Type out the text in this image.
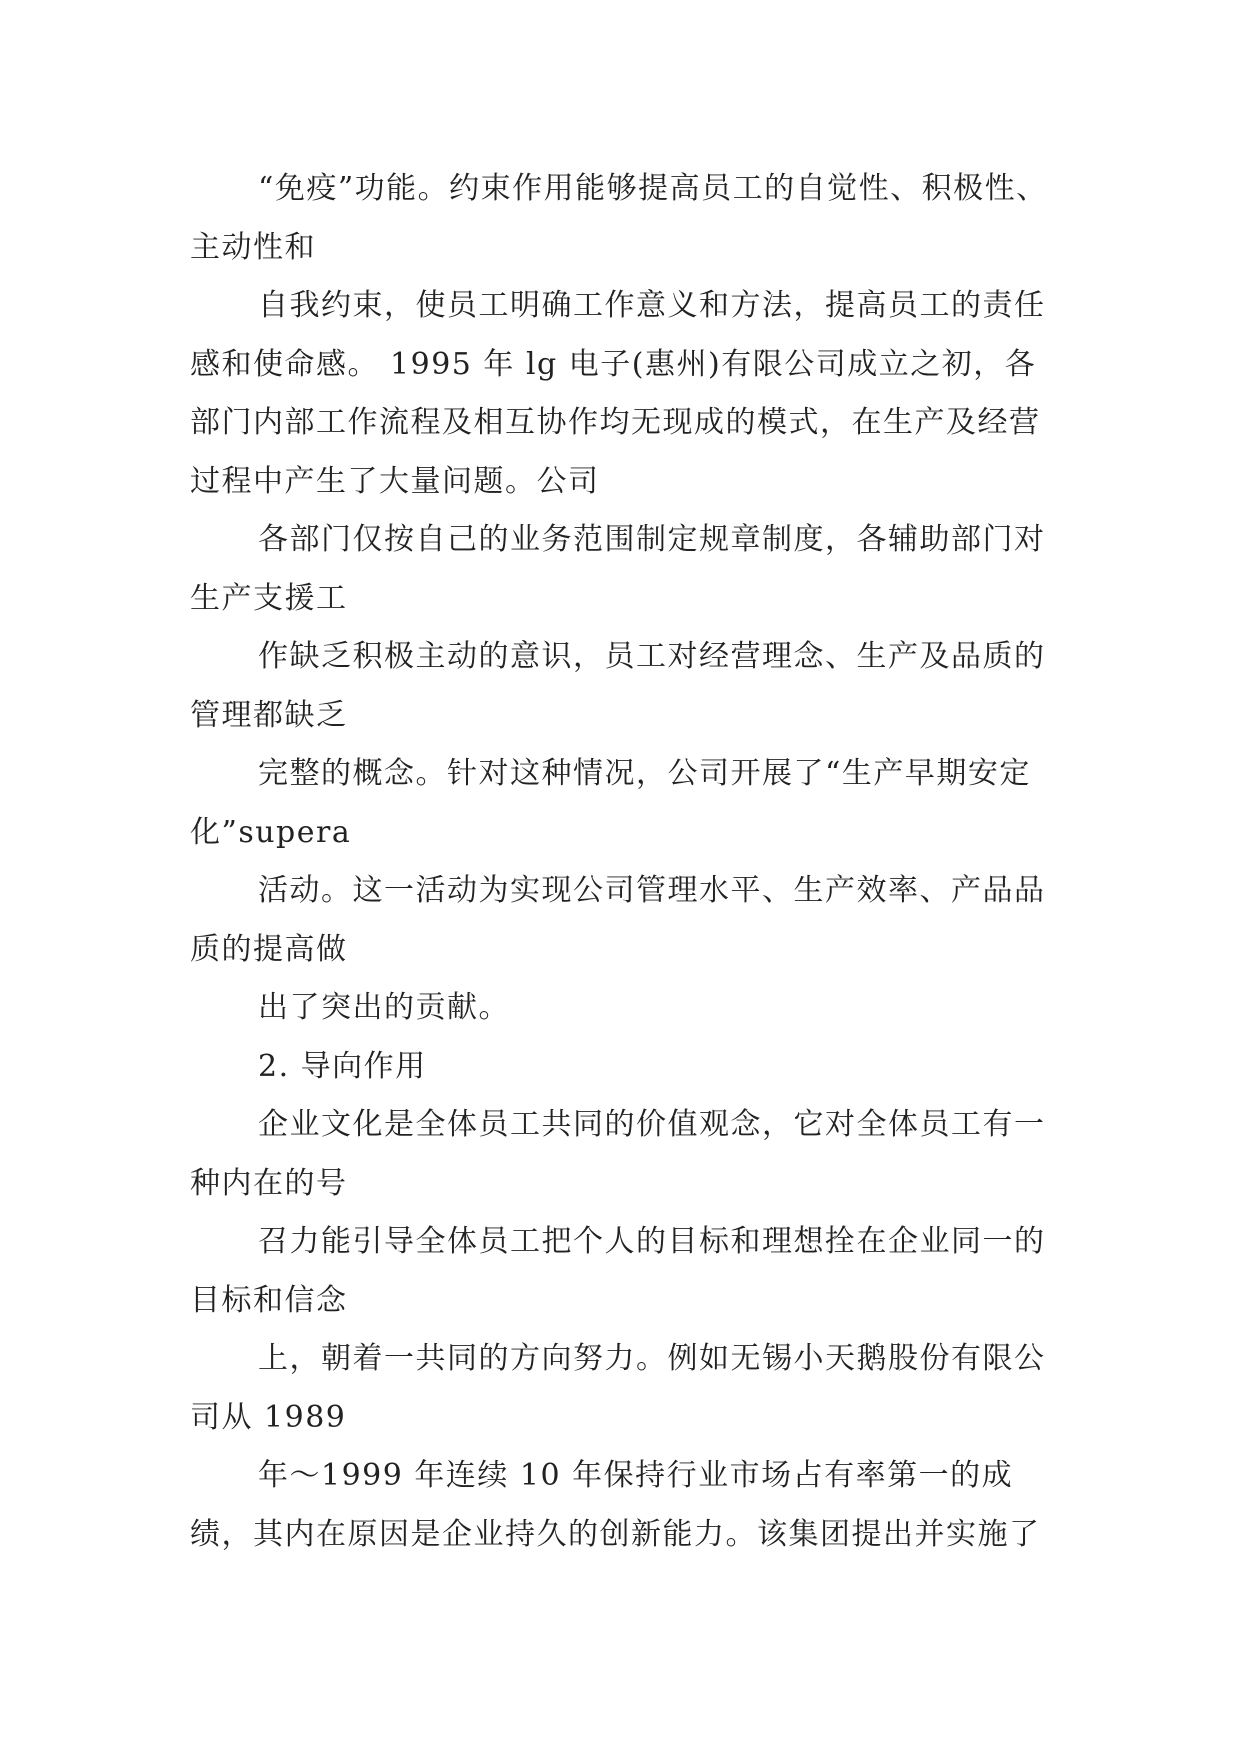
“免疫”功能。约束作用能够提高员工的自觉性、积极性、主动性和

自我约束，使员工明确工作意义和方法，提高员工的责任感和使命感。 1995 年 lg 电子(惠州)有限公司成立之初，各部门内部工作流程及相互协作均无现成的模式，在生产及经营过程中产生了大量问题。公司

各部门仅按自己的业务范围制定规章制度，各辅助部门对生产支援工

作缺乏积极主动的意识，员工对经营理念、生产及品质的管理都缺乏

完整的概念。针对这种情况，公司开展了“生产早期安定化”supera

活动。这一活动为实现公司管理水平、生产效率、产品品质的提高做

出了突出的贡献。

2. 导向作用

企业文化是全体员工共同的价值观念，它对全体员工有一种内在的号

召力能引导全体员工把个人的目标和理想拴在企业同一的目标和信念

上，朝着一共同的方向努力。例如无锡小天鹅股份有限公司从 1989

年～1999 年连续 10 年保持行业市场占有率第一的成绩，其内在原因是企业持久的创新能力。该集团提出并实施了
